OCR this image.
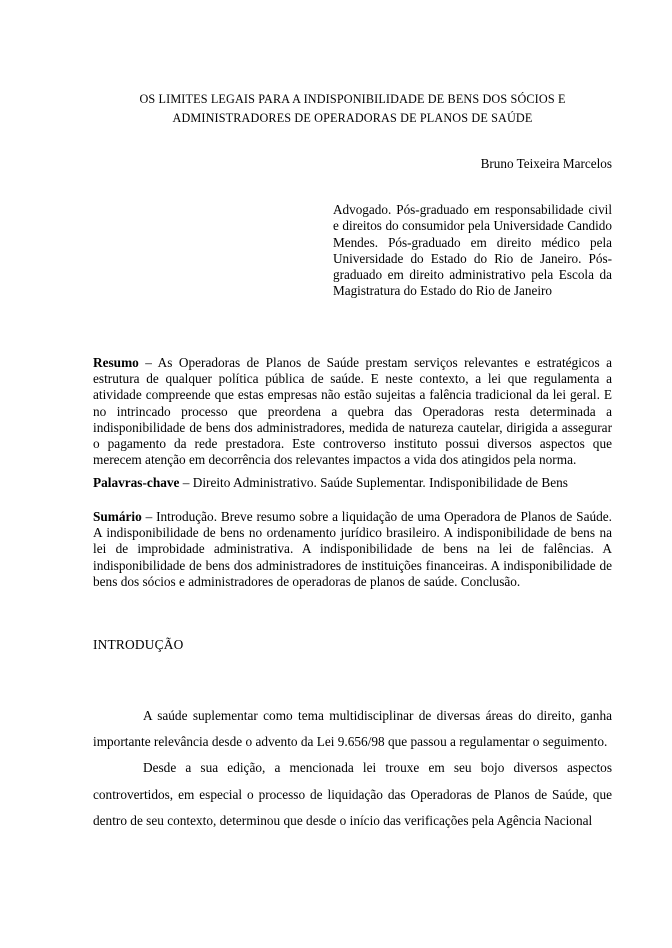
OS LIMITES LEGAIS PARA A INDISPONIBILIDADE DE BENS DOS SÓCIOS E
ADMINISTRADORES DE OPERADORAS DE PLANOS DE SAÚDE
Bruno Teixeira Marcelos
Advogado. Pós-graduado em responsabilidade civil e direitos do consumidor pela Universidade Candido Mendes. Pós-graduado em direito médico pela Universidade do Estado do Rio de Janeiro. Pós-graduado em direito administrativo pela Escola da Magistratura do Estado do Rio de Janeiro
Resumo – As Operadoras de Planos de Saúde prestam serviços relevantes e estratégicos a estrutura de qualquer política pública de saúde. E neste contexto, a lei que regulamenta a atividade compreende que estas empresas não estão sujeitas a falência tradicional da lei geral. E no intrincado processo que preordena a quebra das Operadoras resta determinada a indisponibilidade de bens dos administradores, medida de natureza cautelar, dirigida a assegurar o pagamento da rede prestadora. Este controverso instituto possui diversos aspectos que merecem atenção em decorrência dos relevantes impactos a vida dos atingidos pela norma.
Palavras-chave – Direito Administrativo. Saúde Suplementar. Indisponibilidade de Bens
Sumário – Introdução. Breve resumo sobre a liquidação de uma Operadora de Planos de Saúde. A indisponibilidade de bens no ordenamento jurídico brasileiro. A indisponibilidade de bens na lei de improbidade administrativa. A indisponibilidade de bens na lei de falências. A indisponibilidade de bens dos administradores de instituições financeiras. A indisponibilidade de bens dos sócios e administradores de operadoras de planos de saúde. Conclusão.
INTRODUÇÃO

A saúde suplementar como tema multidisciplinar de diversas áreas do direito, ganha importante relevância desde o advento da Lei 9.656/98 que passou a regulamentar o seguimento.

Desde a sua edição, a mencionada lei trouxe em seu bojo diversos aspectos controvertidos, em especial o processo de liquidação das Operadoras de Planos de Saúde, que dentro de seu contexto, determinou que desde o início das verificações pela Agência Nacional
